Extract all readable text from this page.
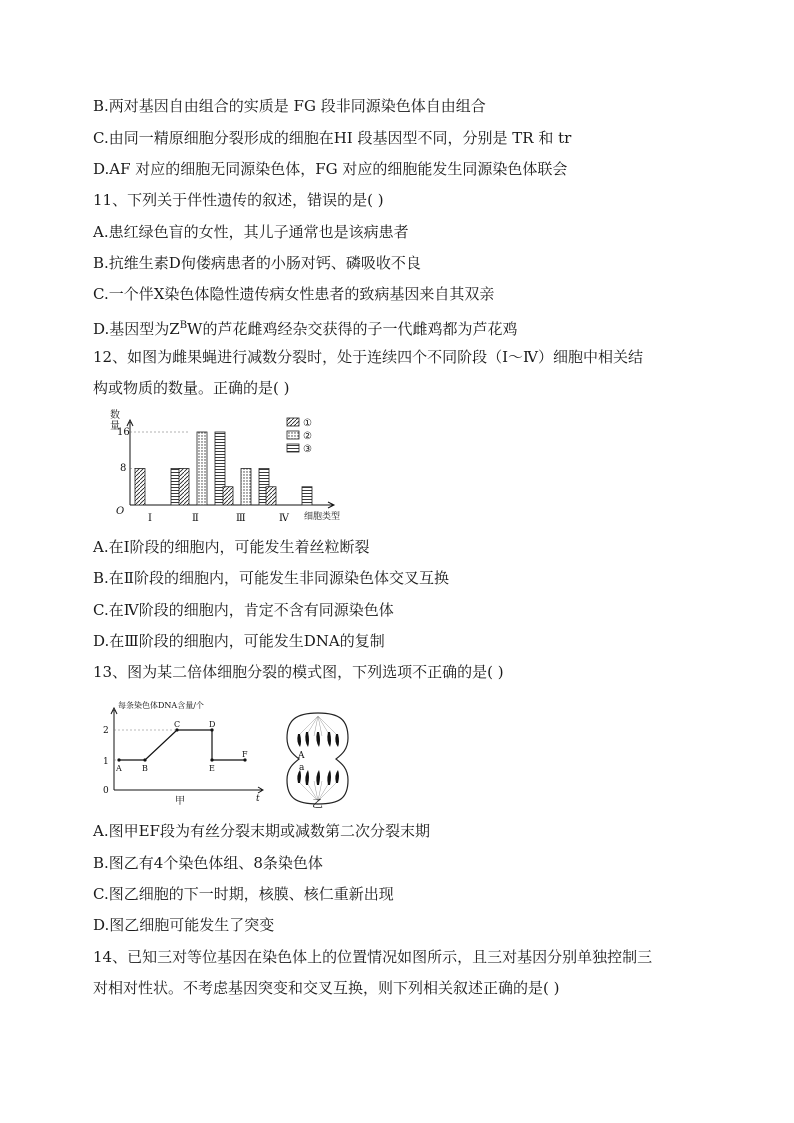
B.两对基因自由组合的实质是 FG 段非同源染色体自由组合
C.由同一精原细胞分裂形成的细胞在HI 段基因型不同，分别是 TR 和 tr
D.AF 对应的细胞无同源染色体，FG 对应的细胞能发生同源染色体联会
11、下列关于伴性遗传的叙述，错误的是( )
A.患红绿色盲的女性，其儿子通常也是该病患者
B.抗维生素D佝偻病患者的小肠对钙、磷吸收不良
C.一个伴X染色体隐性遗传病女性患者的致病基因来自其双亲
D.基因型为$Z^BW$的芦花雌鸡经杂交获得的子一代雌鸡都为芦花鸡
12、如图为雌果蝇进行减数分裂时，处于连续四个不同阶段（Ⅰ～Ⅳ）细胞中相关结
构或物质的数量。正确的是( )
数
量
16
8
O	细胞类型
①
②
③
Ⅰ	Ⅱ	Ⅲ	Ⅳ
A.在Ⅰ阶段的细胞内，可能发生着丝粒断裂
B.在Ⅱ阶段的细胞内，可能发生非同源染色体交叉互换
C.在Ⅳ阶段的细胞内，肯定不含有同源染色体
D.在Ⅲ阶段的细胞内，可能发生DNA的复制
13、图为某二倍体细胞分裂的模式图，下列选项不正确的是( )
每条染色体DNA含量/个
2
1
0
t
甲
A	B
C	D
E
F	A
a
乙
A.图甲EF段为有丝分裂末期或减数第二次分裂末期
B.图乙有4个染色体组、8条染色体
C.图乙细胞的下一时期，核膜、核仁重新出现
D.图乙细胞可能发生了突变
14、已知三对等位基因在染色体上的位置情况如图所示，且三对基因分别单独控制三
对相对性状。不考虑基因突变和交叉互换，则下列相关叙述正确的是( )
